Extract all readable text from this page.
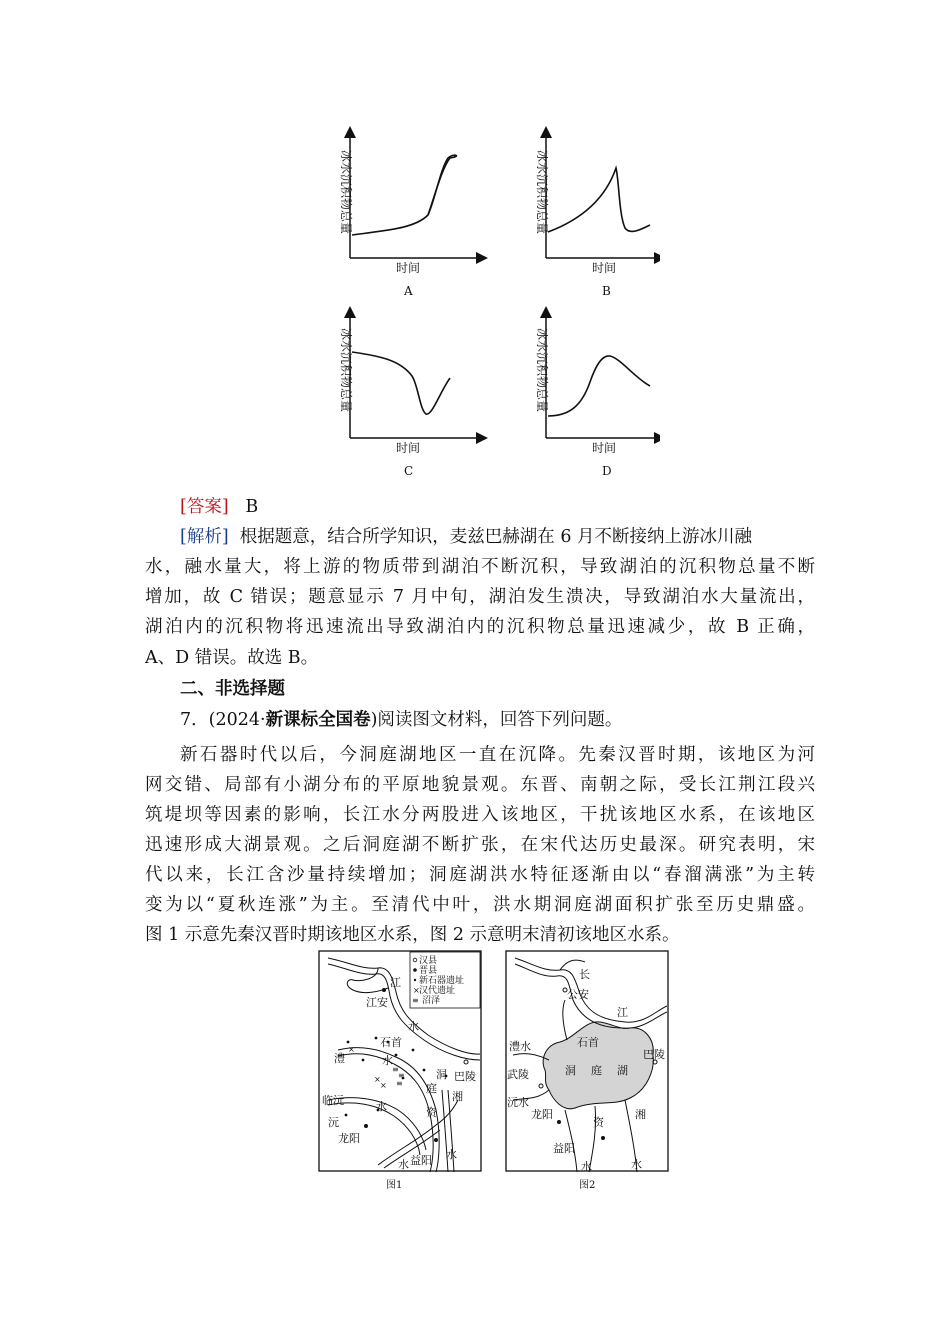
冰水沉积物总量
时间
A
冰水沉积物总量
时间
B
冰水沉积物总量
时间
C
冰水沉积物总量
时间
D
[答案] B
[解析] 根据题意，结合所学知识，麦兹巴赫湖在 6 月不断接纳上游冰川融
水，融水量大，将上游的物质带到湖泊不断沉积，导致湖泊的沉积物总量不断
增加，故 C 错误；题意显示 7 月中旬，湖泊发生溃决，导致湖泊水大量流出，
湖泊内的沉积物将迅速流出导致湖泊内的沉积物总量迅速减少，故 B 正确，
A、D 错误。故选 B。
二、非选择题
7．(2024·新课标全国卷)阅读图文材料，回答下列问题。
新石器时代以后，今洞庭湖地区一直在沉降。先秦汉晋时期，该地区为河
网交错、局部有小湖分布的平原地貌景观。东晋、南朝之际，受长江荆江段兴
筑堤坝等因素的影响，长江水分两股进入该地区，干扰该地区水系，在该地区
迅速形成大湖景观。之后洞庭湖不断扩张，在宋代达历史最深。研究表明，宋
代以来，长江含沙量持续增加；洞庭湖洪水特征逐渐由以“春溜满涨”为主转
变为以“夏秋连涨”为主。至清代中叶，洪水期洞庭湖面积扩张至历史鼎盛。
图 1 示意先秦汉晋时期该地区水系，图 2 示意明末清初该地区水系。
汉县
晋县
新石器遗址
× 汉代遗址
≡ 沼泽
×
×
×
≡
≡
≡
江
江安
水
石首
澧	水
洞
庭
巴陵
湘
临沅
沅
水	资
龙阳
水
益阳
水
图1
长
公安
江
石首
澧水
洞 庭 湖
巴陵
武陵
沅水
龙阳
资
湘
益阳
水	水
图2
